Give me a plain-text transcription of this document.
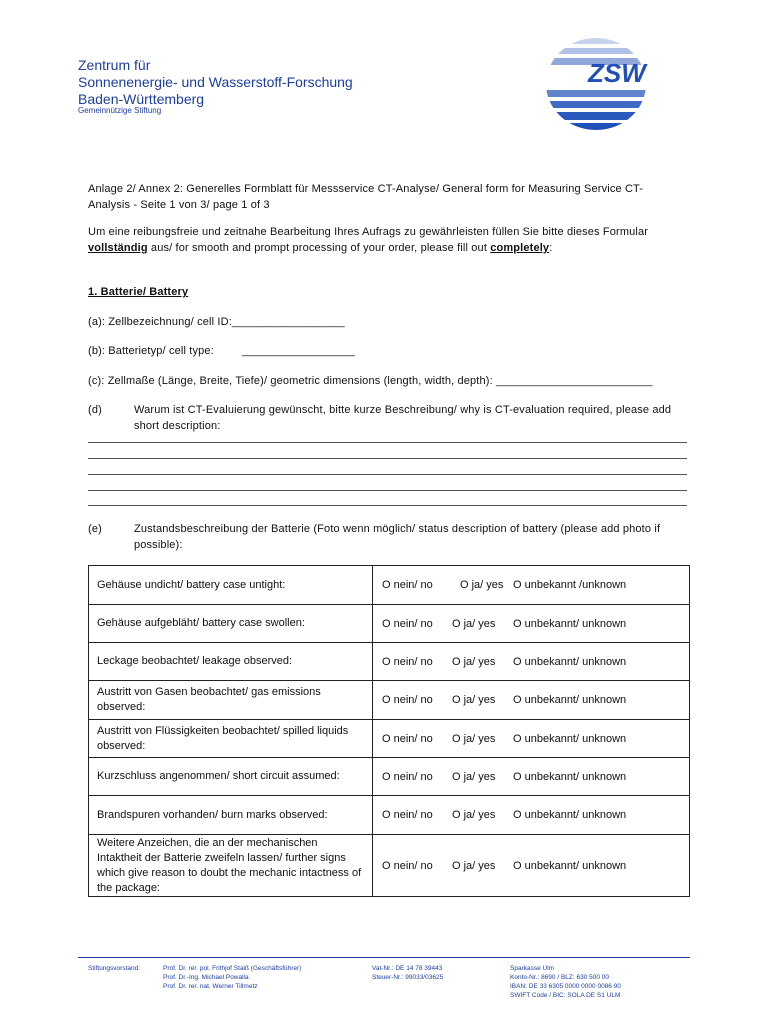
Zentrum für
Sonnenenergie- und Wasserstoff-Forschung
Baden-Württemberg
Gemeinnützige Stiftung
ZSW
Anlage 2/ Annex 2: Generelles Formblatt für Messservice CT-Analyse/ General form for Measuring Service CT-
Analysis - Seite 1 von 3/ page 1 of 3
Um eine reibungsfreie und zeitnahe Bearbeitung Ihres Aufrags zu gewährleisten füllen Sie bitte dieses Formular
vollständig aus/ for smooth and prompt processing of your order, please fill out completely:
1. Batterie/ Battery
(a): Zellbezeichnung/ cell ID:__________________
(b): Batterietyp/ cell type:	__________________
(c): Zellmaße (Länge, Breite, Tiefe)/ geometric dimensions (length, width, depth): _________________________
(d)	Warum ist CT-Evaluierung gewünscht, bitte kurze Beschreibung/ why is CT-evaluation required, please add
short description:
(e)	Zustandsbeschreibung der Batterie (Foto wenn möglich/ status description of battery (please add photo if
possible):
Gehäuse undicht/ battery case untight:	O nein/ no O ja/ yes O unbekannt /unknown
Gehäuse aufgebläht/ battery case swollen:	O nein/ no O ja/ yes O unbekannt/ unknown
Leckage beobachtet/ leakage observed:	O nein/ no O ja/ yes O unbekannt/ unknown
Austritt von Gasen beobachtet/ gas emissions observed:	O nein/ no O ja/ yes O unbekannt/ unknown
Austritt von Flüssigkeiten beobachtet/ spilled liquids observed:	O nein/ no O ja/ yes O unbekannt/ unknown
Kurzschluss angenommen/ short circuit assumed:	O nein/ no O ja/ yes O unbekannt/ unknown
Brandspuren vorhanden/ burn marks observed:	O nein/ no O ja/ yes O unbekannt/ unknown
Weitere Anzeichen, die an der mechanischen Intaktheit der Batterie zweifeln lassen/ further signs which give reason to doubt the mechanic intactness of the package:	O nein/ no O ja/ yes O unbekannt/ unknown
Stiftungsvorstand:	Prof. Dr. rer. pol. Frithjof Staiß (Geschäftsführer)
Prof. Dr.-Ing. Michael Powalla
Prof. Dr. rer. nat. Werner Tillmetz
Vat-Nr.: DE 14 78 39443
Steuer-Nr.: 99033/03625
Sparkasse Ulm
Konto-Nr.: 8690 / BLZ: 630 500 00
IBAN: DE 33 6305 0000 0000 0086 90
SWIFT Code / BIC: SOLA DE S1 ULM
